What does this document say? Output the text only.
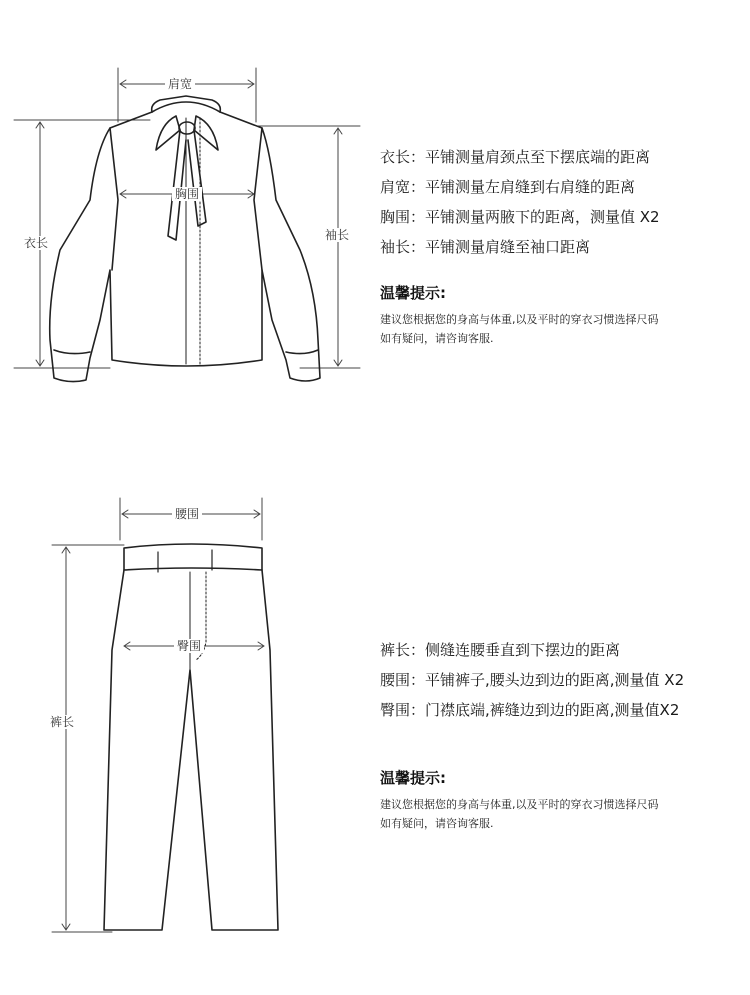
肩宽
胸围
衣长
袖长
衣长：平铺测量肩颈点至下摆底端的距离
肩宽：平铺测量左肩缝到右肩缝的距离
胸围：平铺测量两腋下的距离，测量值 X2
袖长：平铺测量肩缝至袖口距离
温馨提示:
建议您根据您的身高与体重,以及平时的穿衣习惯选择尺码
如有疑问，请咨询客服.
腰围
臀围
裤长
裤长：侧缝连腰垂直到下摆边的距离
腰围：平铺裤子,腰头边到边的距离,测量值 X2
臀围：门襟底端,裤缝边到边的距离,测量值X2
温馨提示:
建议您根据您的身高与体重,以及平时的穿衣习惯选择尺码
如有疑问，请咨询客服.
